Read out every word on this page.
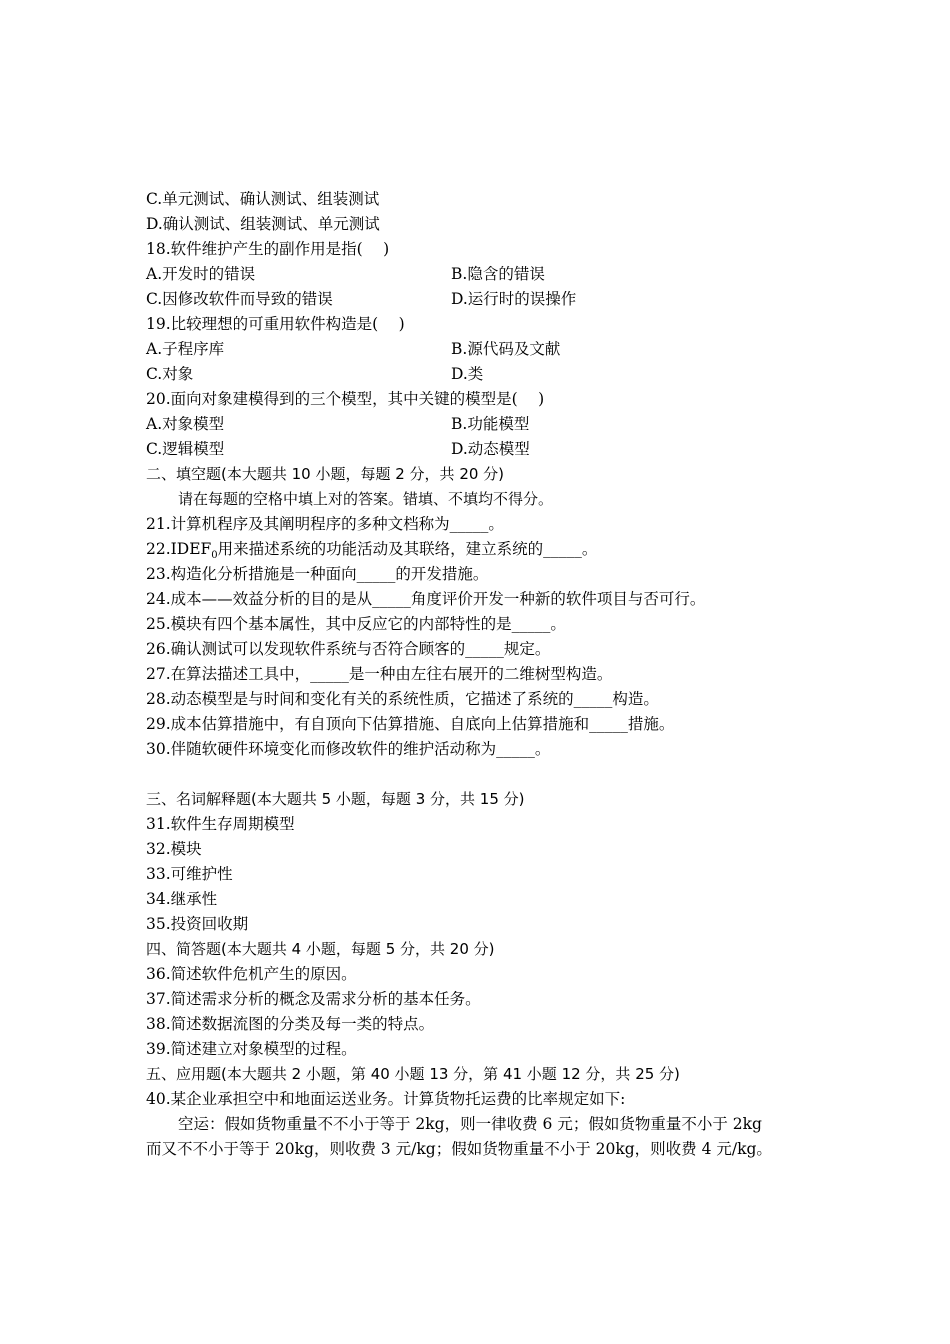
C.单元测试、确认测试、组装测试
D.确认测试、组装测试、单元测试
18.软件维护产生的副作用是指(　 )
A.开发时的错误	B.隐含的错误
C.因修改软件而导致的错误	D.运行时的误操作
19.比较理想的可重用软件构造是(　 )
A.子程序库	B.源代码及文献
C.对象	D.类
20.面向对象建模得到的三个模型，其中关键的模型是(　 )
A.对象模型	B.功能模型
C.逻辑模型	D.动态模型
二、填空题(本大题共 10 小题，每题 2 分，共 20 分)
请在每题的空格中填上对的答案。错填、不填均不得分。
21.计算机程序及其阐明程序的多种文档称为_____。
$22.IDEF_0$用来描述系统的功能活动及其联络，建立系统的_____。
23.构造化分析措施是一种面向_____的开发措施。
24.成本——效益分析的目的是从_____角度评价开发一种新的软件项目与否可行。
25.模块有四个基本属性，其中反应它的内部特性的是_____。
26.确认测试可以发现软件系统与否符合顾客的_____规定。
27.在算法描述工具中，_____是一种由左往右展开的二维树型构造。
28.动态模型是与时间和变化有关的系统性质，它描述了系统的_____构造。
29.成本估算措施中，有自顶向下估算措施、自底向上估算措施和_____措施。
30.伴随软硬件环境变化而修改软件的维护活动称为_____。
三、名词解释题(本大题共 5 小题，每题 3 分，共 15 分)
31.软件生存周期模型
32.模块
33.可维护性
34.继承性
35.投资回收期
四、简答题(本大题共 4 小题，每题 5 分，共 20 分)
36.简述软件危机产生的原因。
37.简述需求分析的概念及需求分析的基本任务。
38.简述数据流图的分类及每一类的特点。
39.简述建立对象模型的过程。
五、应用题(本大题共 2 小题，第 40 小题 13 分，第 41 小题 12 分，共 25 分)
40.某企业承担空中和地面运送业务。计算货物托运费的比率规定如下:
空运：假如货物重量不不小于等于 2kg，则一律收费 6 元；假如货物重量不小于 2kg
而又不不小于等于 20kg，则收费 3 元/kg；假如货物重量不小于 20kg，则收费 4 元/kg。
